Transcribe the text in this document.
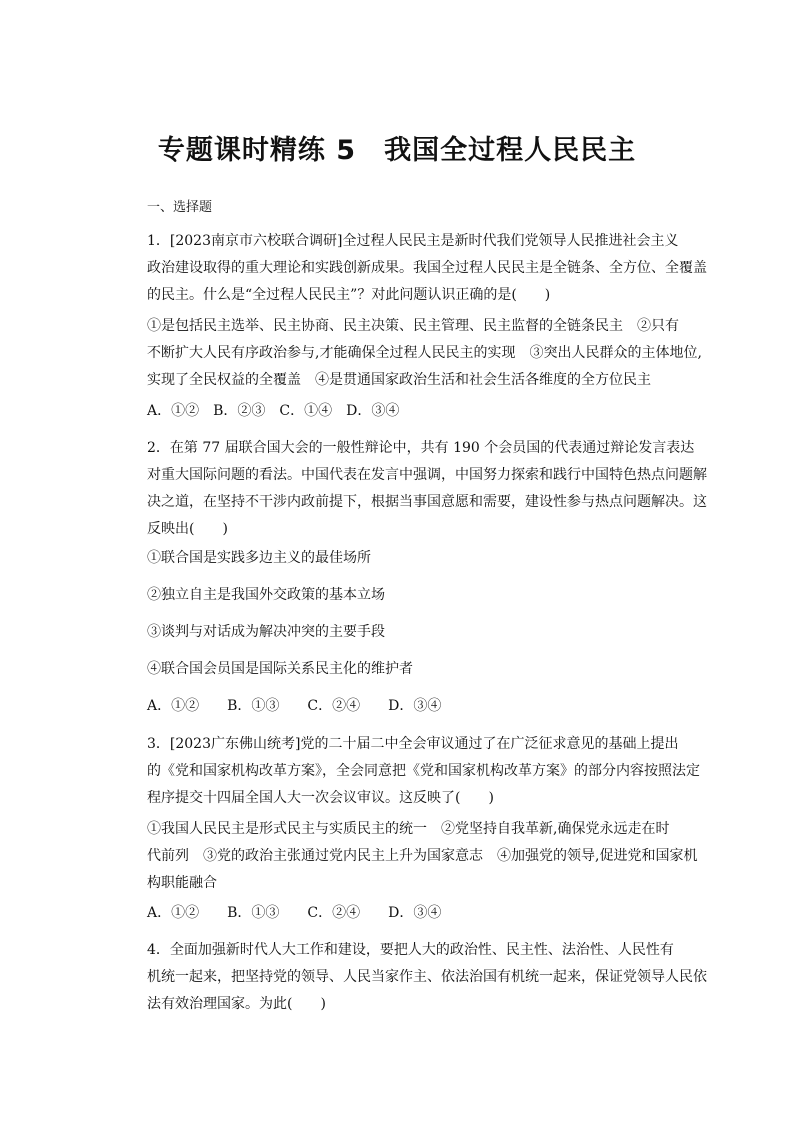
专题课时精练 5　我国全过程人民民主
一、选择题

1．[2023南京市六校联合调研]全过程人民民主是新时代我们党领导人民推进社会主义

政治建设取得的重大理论和实践创新成果。我国全过程人民民主是全链条、全方位、全覆盖

的民主。什么是“全过程人民民主”？对此问题认识正确的是(　　)

①是包括民主选举、民主协商、民主决策、民主管理、民主监督的全链条民主　②只有

不断扩大人民有序政治参与,才能确保全过程人民民主的实现　③突出人民群众的主体地位,

实现了全民权益的全覆盖　④是贯通国家政治生活和社会生活各维度的全方位民主

A．①②　B．②③　C．①④　D．③④

2．在第 77 届联合国大会的一般性辩论中，共有 190 个会员国的代表通过辩论发言表达

对重大国际问题的看法。中国代表在发言中强调，中国努力探索和践行中国特色热点问题解

决之道，在坚持不干涉内政前提下，根据当事国意愿和需要，建设性参与热点问题解决。这

反映出(　　)

①联合国是实践多边主义的最佳场所
②独立自主是我国外交政策的基本立场
③谈判与对话成为解决冲突的主要手段
④联合国会员国是国际关系民主化的维护者
A．①②　　B．①③　　C．②④　　D．③④

3．[2023广东佛山统考]党的二十届二中全会审议通过了在广泛征求意见的基础上提出

的《党和国家机构改革方案》，全会同意把《党和国家机构改革方案》的部分内容按照法定

程序提交十四届全国人大一次会议审议。这反映了(　　)

①我国人民民主是形式民主与实质民主的统一　②党坚持自我革新,确保党永远走在时

代前列　③党的政治主张通过党内民主上升为国家意志　④加强党的领导,促进党和国家机

构职能融合

A．①②　　B．①③　　C．②④　　D．③④

4．全面加强新时代人大工作和建设，要把人大的政治性、民主性、法治性、人民性有

机统一起来，把坚持党的领导、人民当家作主、依法治国有机统一起来，保证党领导人民依

法有效治理国家。为此(　　)
